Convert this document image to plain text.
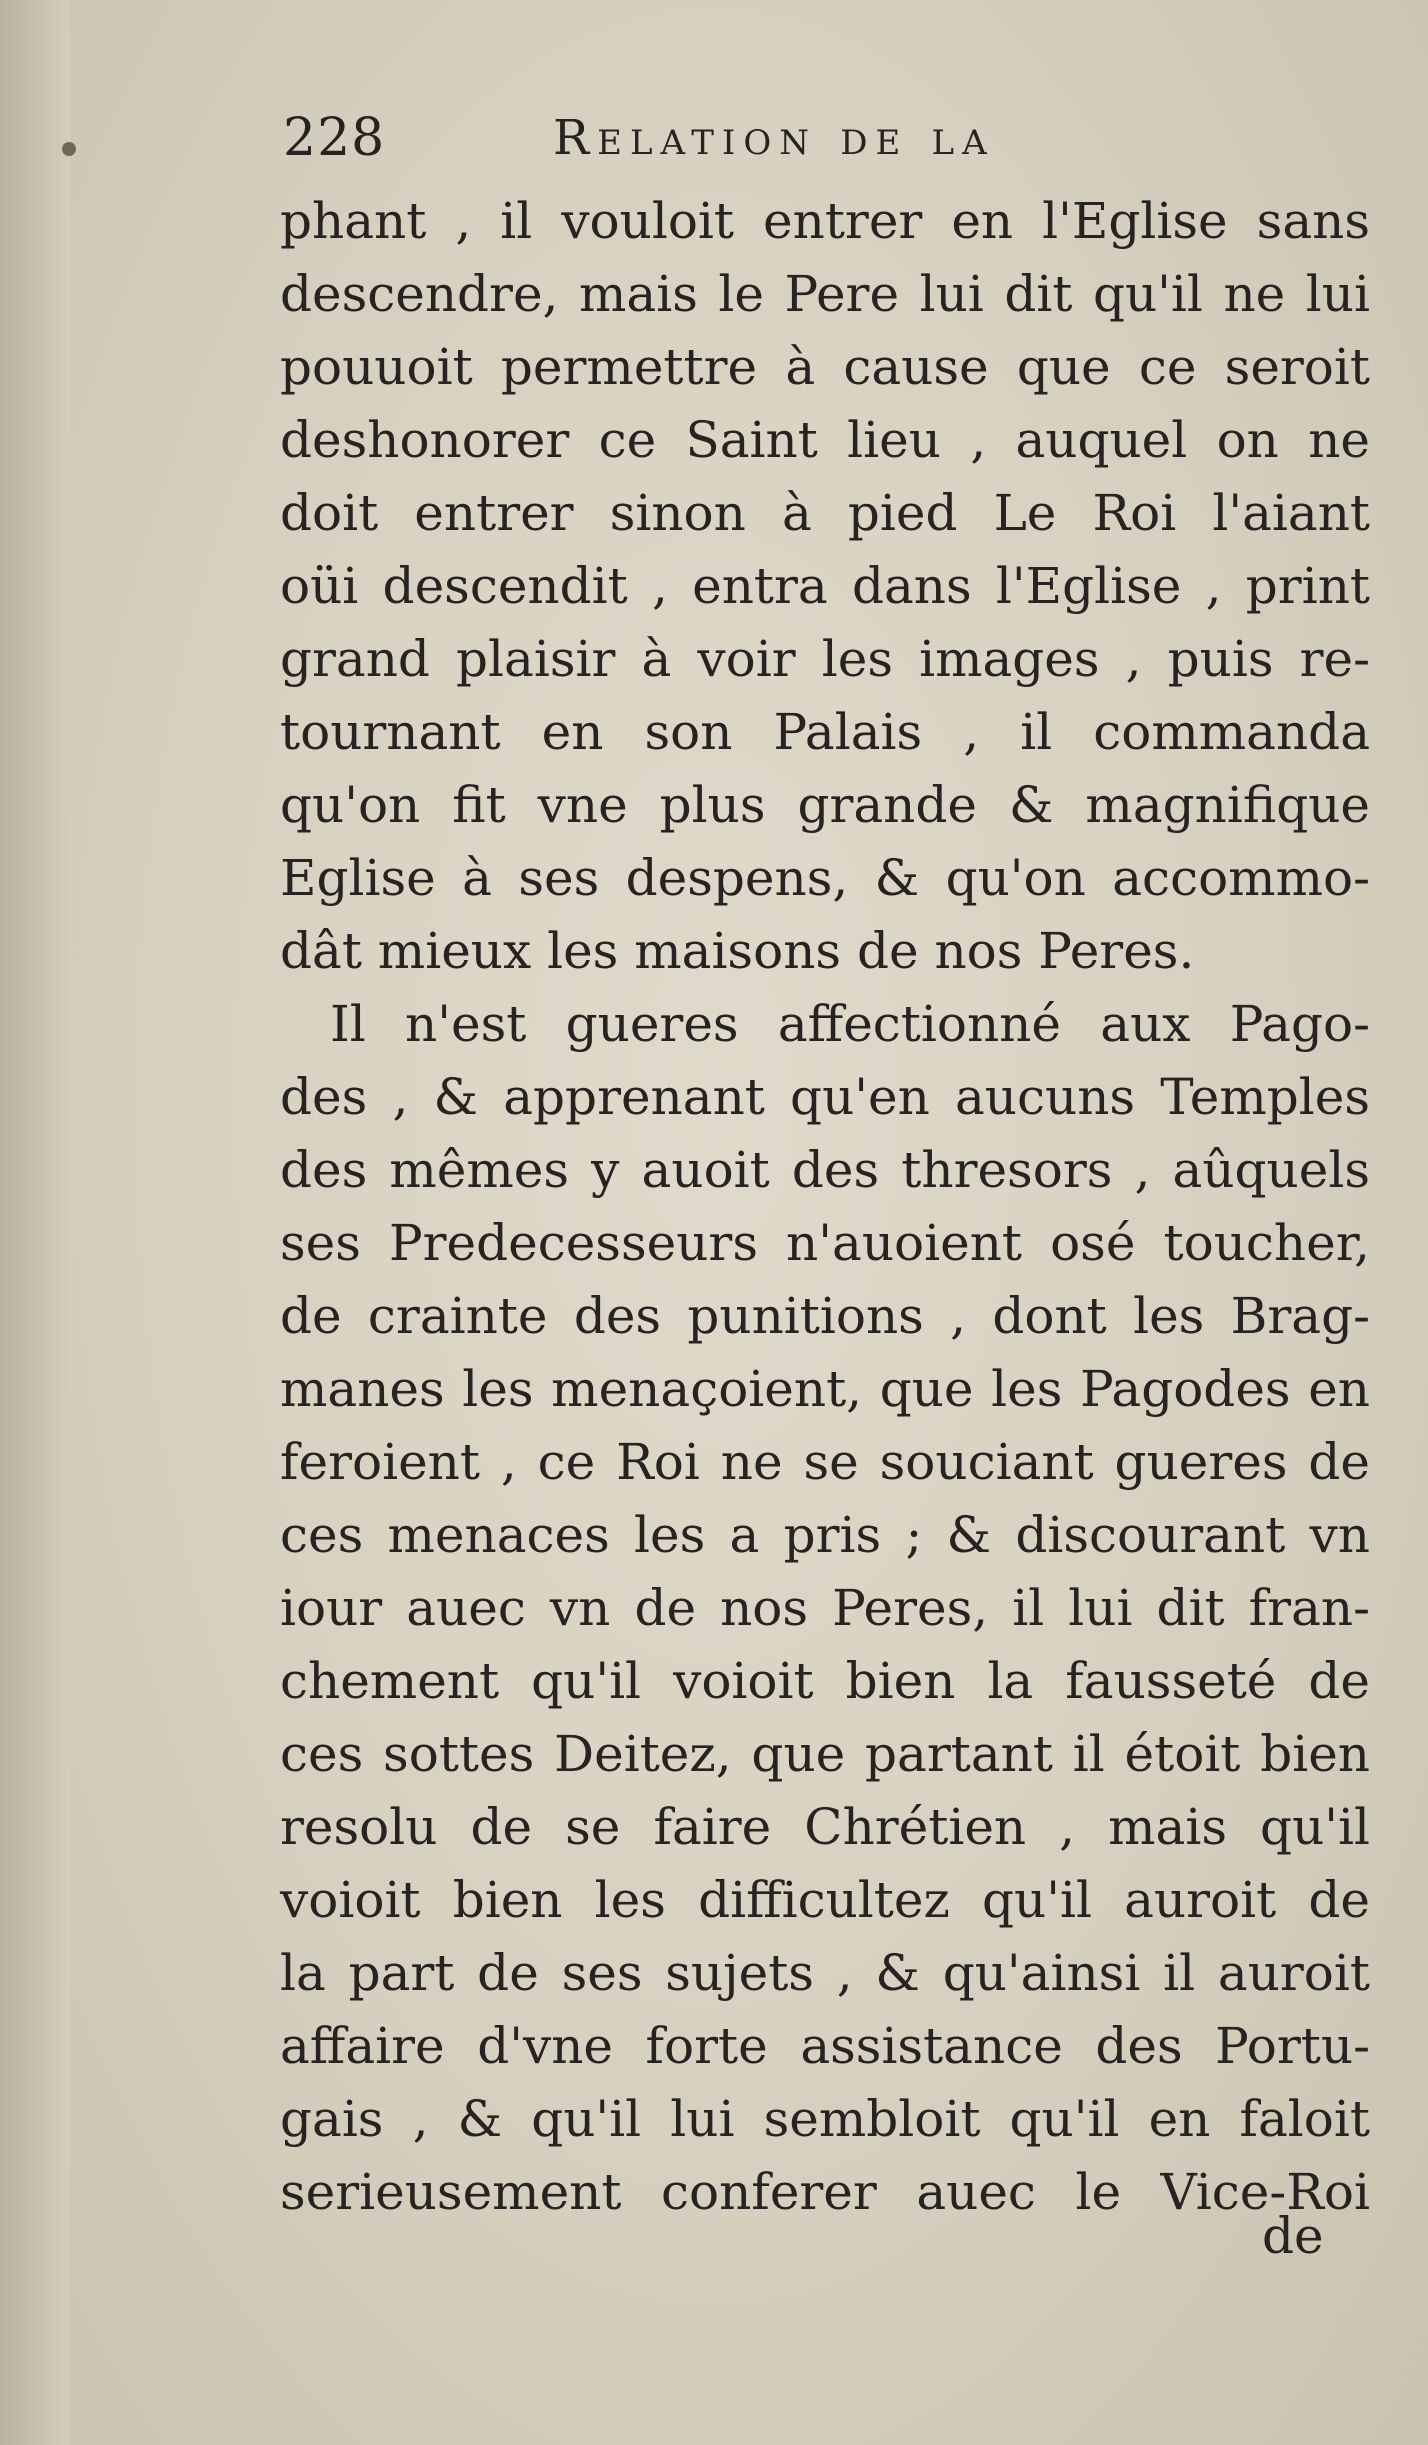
228	Relation de la
phant , il vouloit entrer en l'Eglise sans
descendre, mais le Pere lui dit qu'il ne lui
pouuoit permettre à cause que ce seroit
deshonorer ce Saint lieu , auquel on ne
doit entrer sinon à pied Le Roi l'aiant
oüi descendit , entra dans l'Eglise , print
grand plaisir à voir les images , puis re-
tournant en son Palais , il commanda
qu'on fit vne plus grande & magnifique
Eglise à ses despens, & qu'on accommo-
dât mieux les maisons de nos Peres.
Il n'est gueres affectionné aux Pago-
des , & apprenant qu'en aucuns Temples
des mêmes y auoit des thresors , aûquels
ses Predecesseurs n'auoient osé toucher,
de crainte des punitions , dont les Brag-
manes les menaçoient, que les Pagodes en
feroient , ce Roi ne se souciant gueres de
ces menaces les a pris ; & discourant vn
iour auec vn de nos Peres, il lui dit fran-
chement qu'il voioit bien la fausseté de
ces sottes Deitez, que partant il étoit bien
resolu de se faire Chrétien , mais qu'il
voioit bien les difficultez qu'il auroit de
la part de ses sujets , & qu'ainsi il auroit
affaire d'vne forte assistance des Portu-
gais , & qu'il lui sembloit qu'il en faloit
serieusement conferer auec le Vice-Roi
de
